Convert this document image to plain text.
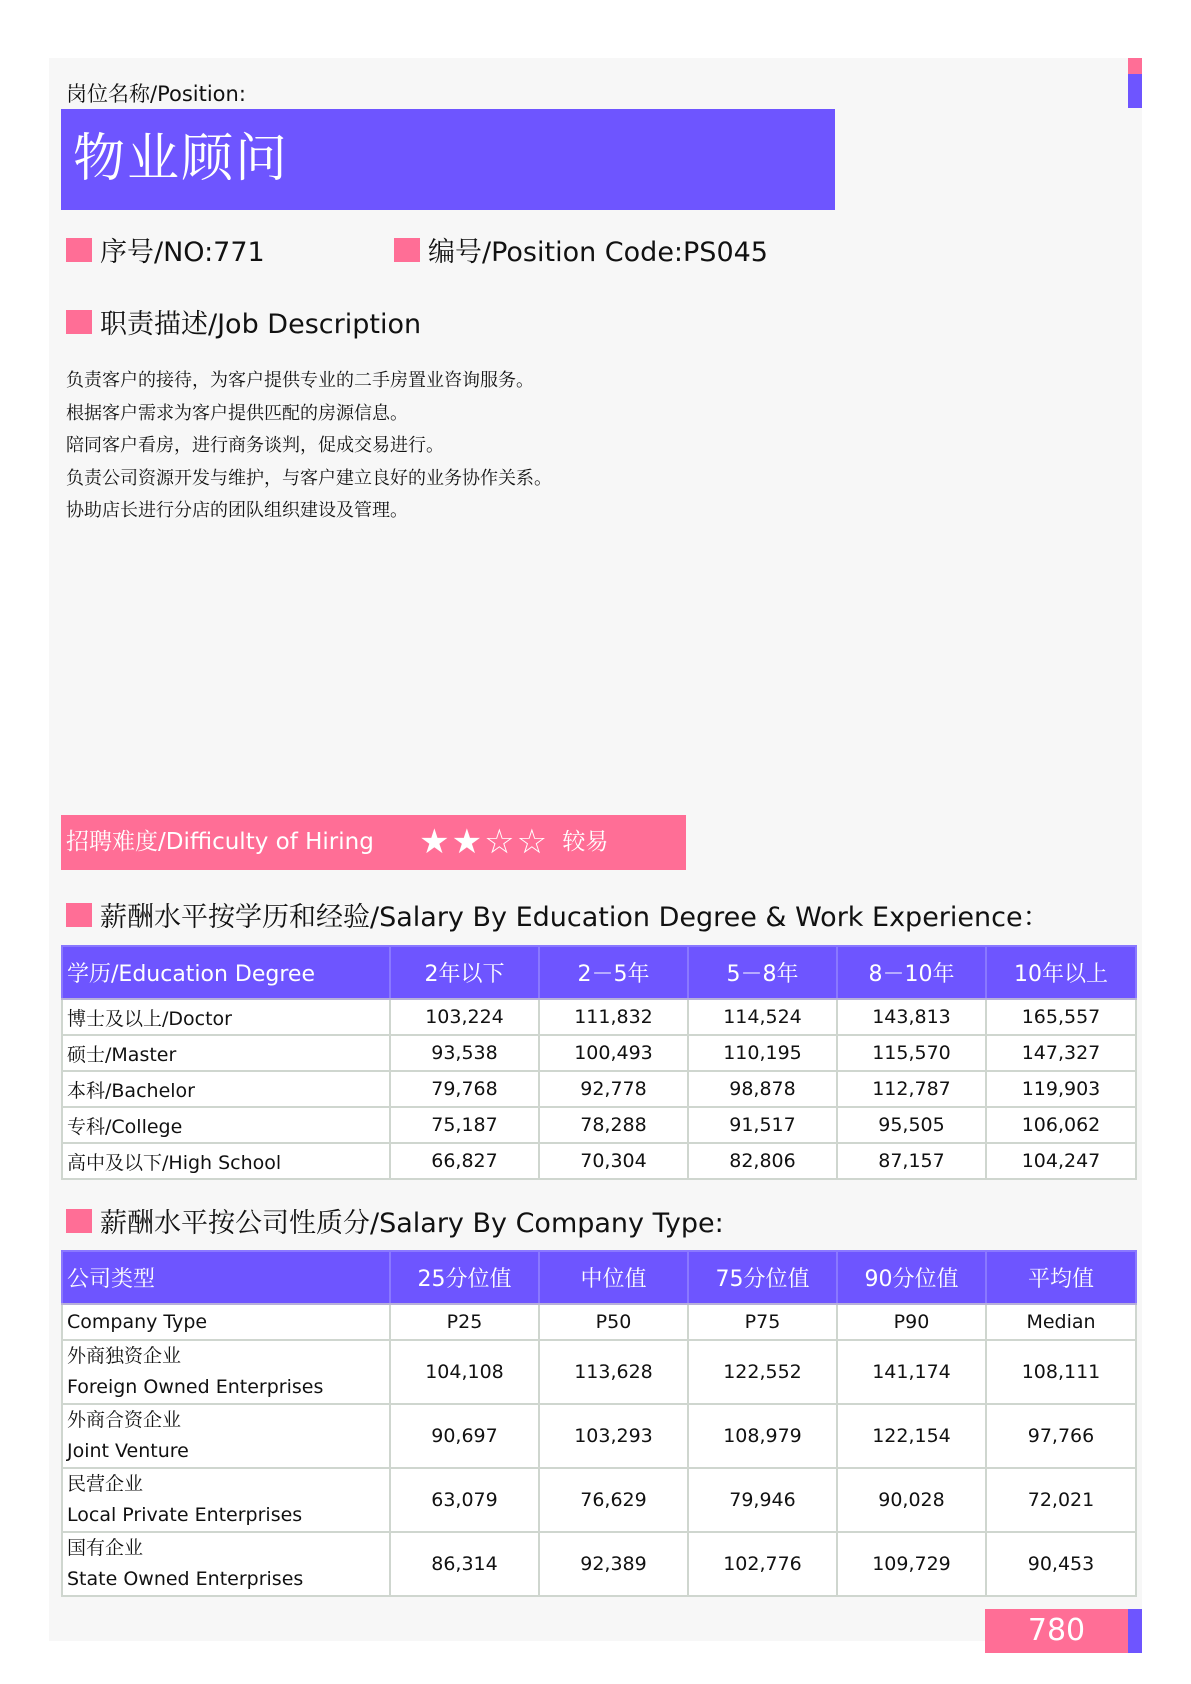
岗位名称/Position:
物业顾问
序号/NO:771	编号/Position Code:PS045
职责描述/Job Description
负责客户的接待，为客户提供专业的二手房置业咨询服务。
根据客户需求为客户提供匹配的房源信息。
陪同客户看房，进行商务谈判，促成交易进行。
负责公司资源开发与维护，与客户建立良好的业务协作关系。
协助店长进行分店的团队组织建设及管理。
招聘难度/Difficulty of Hiring ★★☆☆ 较易
薪酬水平按学历和经验/Salary By Education Degree & Work Experience：
学历/Education Degree	2年以下	2－5年	5－8年	8－10年	10年以上
博士及以上/Doctor	103,224	111,832	114,524	143,813	165,557
硕士/Master	93,538	100,493	110,195	115,570	147,327
本科/Bachelor	79,768	92,778	98,878	112,787	119,903
专科/College	75,187	78,288	91,517	95,505	106,062
高中及以下/High School	66,827	70,304	82,806	87,157	104,247
薪酬水平按公司性质分/Salary By Company Type:
公司类型	25分位值	中位值	75分位值	90分位值	平均值
Company Type	P25	P50	P75	P90	Median

外商独资企业
Foreign Owned Enterprises	104,108	113,628	122,552	141,174	108,111

外商合资企业
Joint Venture	90,697	103,293	108,979	122,154	97,766

民营企业
Local Private Enterprises	63,079	76,629	79,946	90,028	72,021

国有企业
State Owned Enterprises	86,314	92,389	102,776	109,729	90,453
780
